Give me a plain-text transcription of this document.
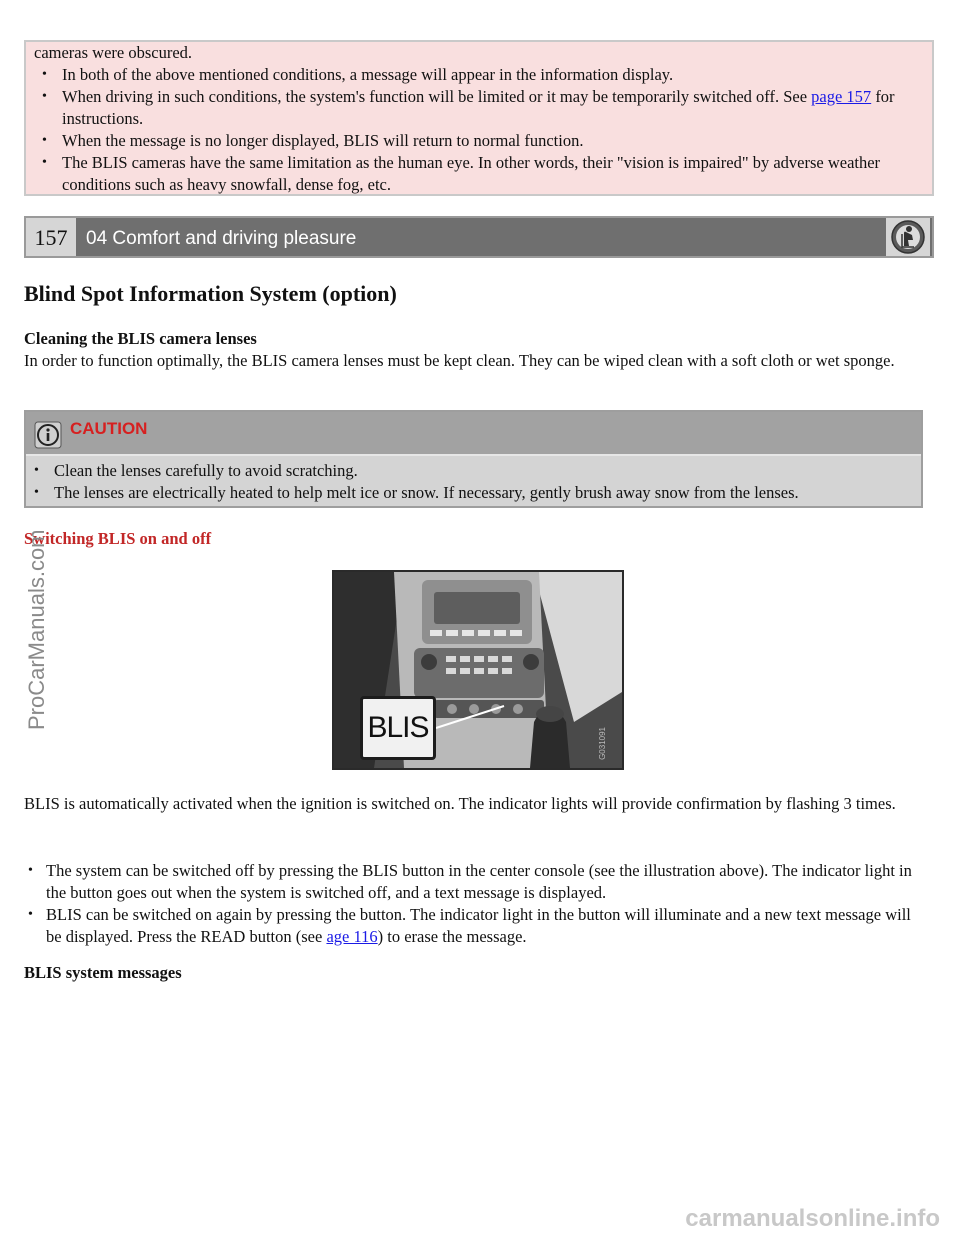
cameras were obscured.
• In both of the above mentioned conditions, a message will appear in the information display.
• When driving in such conditions, the system's function will be limited or it may be temporarily switched off. See page 157 for instructions.
• When the message is no longer displayed, BLIS will return to normal function.
• The BLIS cameras have the same limitation as the human eye. In other words, their "vision is impaired" by adverse weather conditions such as heavy snowfall, dense fog, etc.
157 04 Comfort and driving pleasure
Blind Spot Information System (option)
Cleaning the BLIS camera lenses
In order to function optimally, the BLIS camera lenses must be kept clean. They can be wiped clean with a soft cloth or wet sponge.
CAUTION
• Clean the lenses carefully to avoid scratching.
• The lenses are electrically heated to help melt ice or snow. If necessary, gently brush away snow from the lenses.
Switching BLIS on and off
BLIS	G031091
BLIS is automatically activated when the ignition is switched on. The indicator lights will provide confirmation by flashing 3 times.
• The system can be switched off by pressing the BLIS button in the center console (see the illustration above). The indicator light in the button goes out when the system is switched off, and a text message is displayed.
• BLIS can be switched on again by pressing the button. The indicator light in the button will illuminate and a new text message will be displayed. Press the READ button (see age 116) to erase the message.
BLIS system messages
ProCarManuals.com
carmanualsonline.info
